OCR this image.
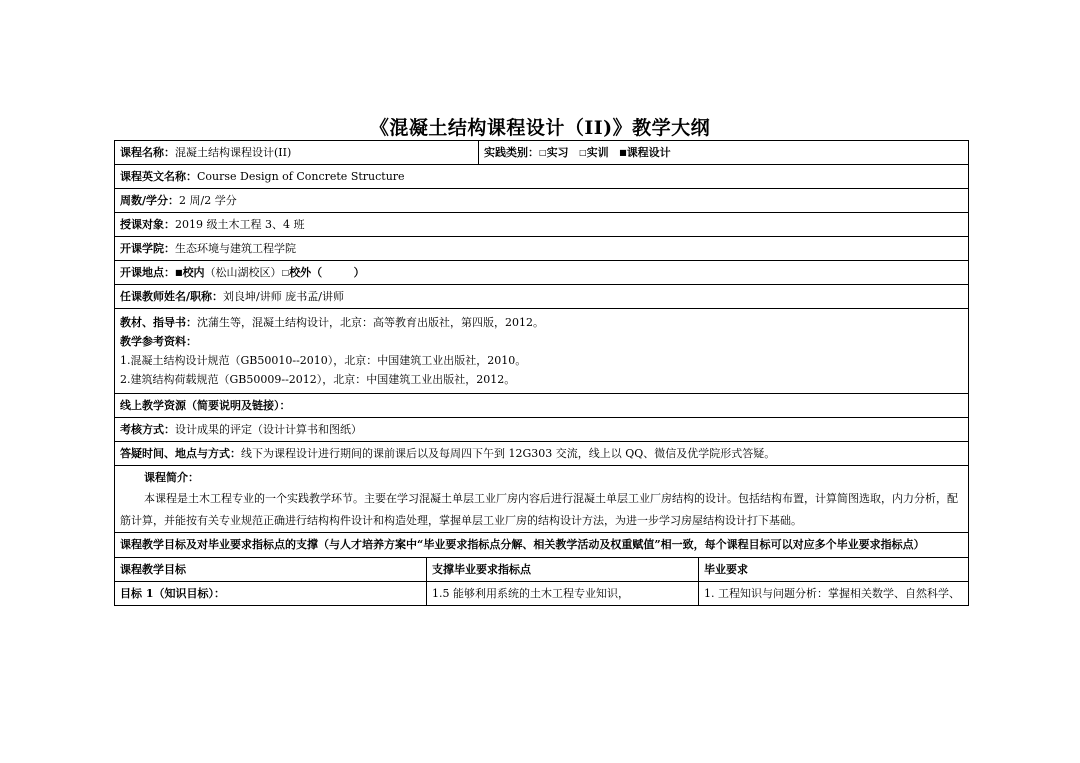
《混凝土结构课程设计（II)》教学大纲
课程名称：混凝土结构课程设计(II)		实践类别：□实习 □实训 ■课程设计	
课程英文名称：Course Design of Concrete Structure			
周数/学分：2 周/2 学分			
授课对象：2019 级土木工程 3、4 班			
开课学院：生态环境与建筑工程学院			
开课地点：■校内（松山湖校区）□校外（ ）			
任课教师姓名/职称：刘良坤/讲师 庞书孟/讲师			

教材、指导书：沈蒲生等，混凝土结构设计，北京：高等教育出版社，第四版，2012。
教学参考资料：
1.混凝土结构设计规范（GB50010--2010），北京：中国建筑工业出版社，2010。
2.建筑结构荷载规范（GB50009--2012），北京：中国建筑工业出版社，2012。			

线上教学资源（简要说明及链接）：			
考核方式：设计成果的评定（设计计算书和图纸）			
答疑时间、地点与方式：线下为课程设计进行期间的课前课后以及每周四下午到 12G303 交流，线上以 QQ、微信及优学院形式答疑。			

课程简介：
本课程是土木工程专业的一个实践教学环节。主要在学习混凝土单层工业厂房内容后进行混凝土单层工业厂房结构的设计。包括结构布置，计算简图选取，内力分析，配筋计算，并能按有关专业规范正确进行结构构件设计和构造处理，掌握单层工业厂房的结构设计方法，为进一步学习房屋结构设计打下基础。			

课程教学目标及对毕业要求指标点的支撑（与人才培养方案中“毕业要求指标点分解、相关教学活动及权重赋值”相一致，每个课程目标可以对应多个毕业要求指标点）			
课程教学目标	支撑毕业要求指标点		毕业要求
目标 1（知识目标）：	1.5 能够利用系统的土木工程专业知识，		1. 工程知识与问题分析：掌握相关数学、自然科学、
